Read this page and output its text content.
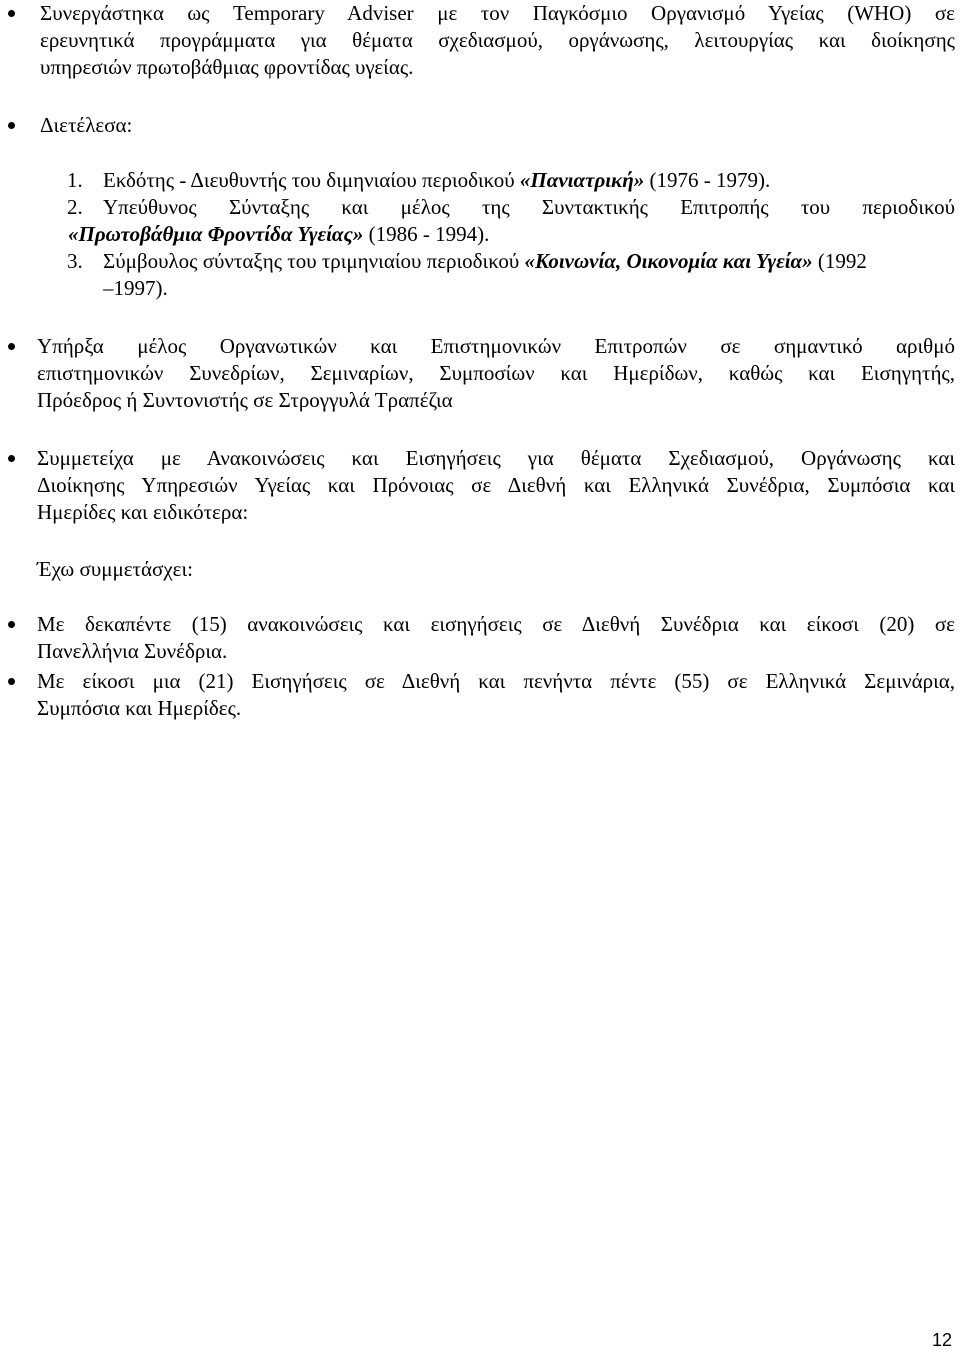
Συνεργάστηκα ως Temporary Adviser με τον Παγκόσμιο Οργανισμό Υγείας (WHO) σε
ερευνητικά προγράμματα για θέματα σχεδιασμού, οργάνωσης, λειτουργίας και διοίκησης
υπηρεσιών πρωτοβάθμιας φροντίδας υγείας.
Διετέλεσα:
1. Εκδότης - Διευθυντής του διμηνιαίου περιοδικού «Πανιατρική» (1976 - 1979).
2. Υπεύθυνος Σύνταξης και μέλος της Συντακτικής Επιτροπής του περιοδικού
«Πρωτοβάθμια Φροντίδα Υγείας» (1986 - 1994).
3. Σύμβουλος σύνταξης του τριμηνιαίου περιοδικού «Κοινωνία, Οικονομία και Υγεία» (1992
–1997).
Υπήρξα μέλος Οργανωτικών και Επιστημονικών Επιτροπών σε σημαντικό αριθμό
επιστημονικών Συνεδρίων, Σεμιναρίων, Συμποσίων και Ημερίδων, καθώς και Εισηγητής,
Πρόεδρος ή Συντονιστής σε Στρογγυλά Τραπέζια
Συμμετείχα με Ανακοινώσεις και Εισηγήσεις για θέματα Σχεδιασμού, Οργάνωσης και
Διοίκησης Υπηρεσιών Υγείας και Πρόνοιας σε Διεθνή και Ελληνικά Συνέδρια, Συμπόσια και
Ημερίδες και ειδικότερα:
Έχω συμμετάσχει:
Με δεκαπέντε (15) ανακοινώσεις και εισηγήσεις σε Διεθνή Συνέδρια και είκοσι (20) σε
Πανελλήνια Συνέδρια.
Με είκοσι μια (21) Εισηγήσεις σε Διεθνή και πενήντα πέντε (55) σε Ελληνικά Σεμινάρια,
Συμπόσια και Ημερίδες.
12
